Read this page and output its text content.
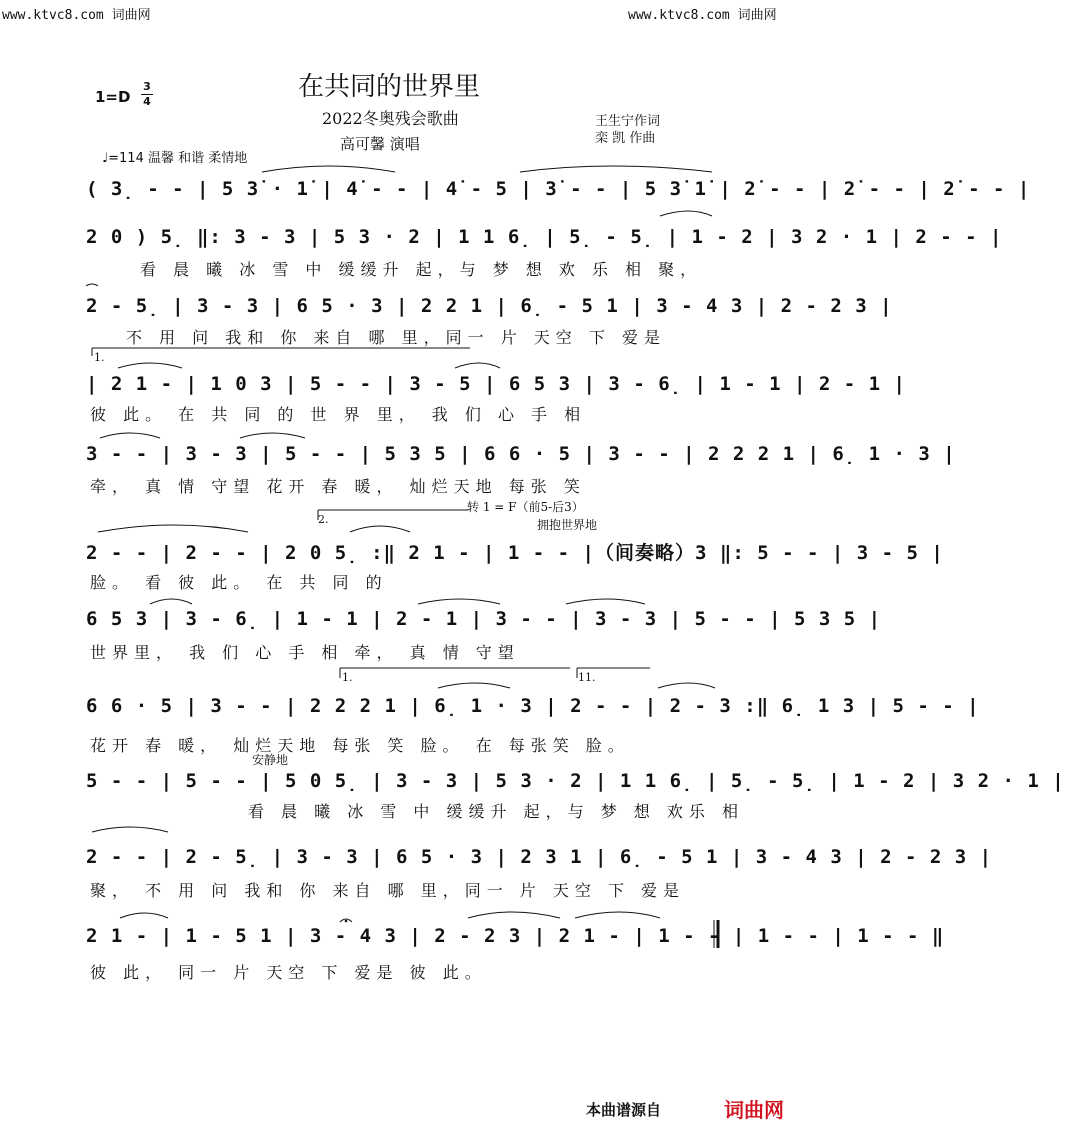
www.ktvc8.com 词曲网	www.ktvc8.com 词曲网
1=D
3
4	在共同的世界里
2022冬奥残会歌曲
高可馨 演唱
王生宁作词
栾 凯 作曲
♩=114 温馨 和谐 柔情地
( 3̣ - - | 5 3̇ · 1̇ | 4̇ - - | 4̇ - 5 | 3̇ - - | 5 3̇ 1̇ | 2̇ - - | 2̇ - - | 2̇ - - |
2 0 ) 5̣ ‖: 3 - 3 | 5 3 · 2 | 1 1 6̣ | 5̣ - 5̣ | 1 - 2 | 3 2 · 1 | 2 - - |
看 晨 曦 冰 雪 中 缓缓升 起，与 梦 想 欢 乐 相 聚，
2 - 5̣ | 3 - 3 | 6 5 · 3 | 2 2 1 | 6̣ - 5 1 | 3 - 4 3 | 2 - 2 3 |
不 用 问 我和 你 来自 哪 里，同一 片 天空 下 爱是
1.
| 2 1 - | 1 0 3 | 5 - - | 3 - 5 | 6 5 3 | 3 - 6̣ | 1 - 1 | 2 - 1 |
彼 此。 在 共 同 的 世 界 里， 我 们 心 手 相
3 - - | 3 - 3 | 5 - - | 5 3 5 | 6 6 · 5 | 3 - - | 2 2 2 1 | 6̣ 1 · 3 |
牵， 真 情 守望 花开 春 暖， 灿烂天地 每张 笑
转 1 = F（前5-后3）
2.	拥抱世界地
2 - - | 2 - - | 2 0 5̣ :‖ 2 1 - | 1 - - |（间奏略）3 ‖: 5 - - | 3 - 5 |
脸。 看 彼 此。 在 共 同 的
6 5 3 | 3 - 6̣ | 1 - 1 | 2 - 1 | 3 - - | 3 - 3 | 5 - - | 5 3 5 |
世界里， 我 们 心 手 相 牵， 真 情 守望
1.	11.
6 6 · 5 | 3 - - | 2 2 2 1 | 6̣ 1 · 3 | 2 - - | 2 - 3 :‖ 6̣ 1 3 | 5 - - |
花开 春 暖， 灿烂天地 每张 笑 脸。 在 每张笑 脸。
安静地
5 - - | 5 - - | 5 0 5̣ | 3 - 3 | 5 3 · 2 | 1 1 6̣ | 5̣ - 5̣ | 1 - 2 | 3 2 · 1 |
看 晨 曦 冰 雪 中 缓缓升 起，与 梦 想 欢乐 相
2 - - | 2 - 5̣ | 3 - 3 | 6 5 · 3 | 2 3 1 | 6̣ - 5 1 | 3 - 4 3 | 2 - 2 3 |
聚， 不 用 问 我和 你 来自 哪 里，同一 片 天空 下 爱是
2 1 - | 1 - 5 1 | 3 - 4 3 | 2 - 2 3 | 2 1 - | 1 - - | 1 - - | 1 - - ‖
彼 此， 同一 片 天空 下 爱是 彼 此。
本曲谱源自	词曲网
